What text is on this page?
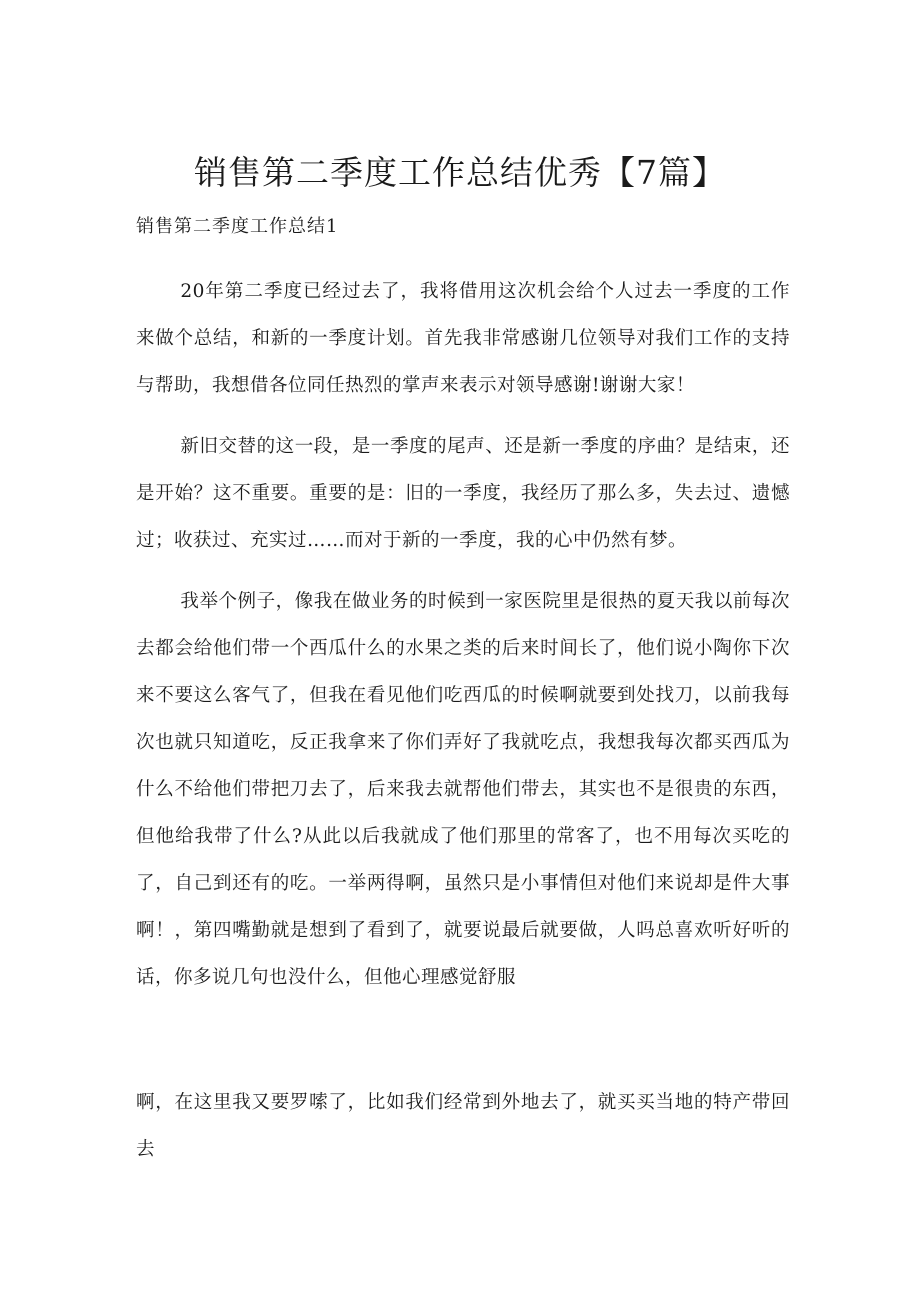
销售第二季度工作总结优秀【7篇】

销售第二季度工作总结1

20年第二季度已经过去了，我将借用这次机会给个人过去一季度的工作来做个总结，和新的一季度计划。首先我非常感谢几位领导对我们工作的支持与帮助，我想借各位同任热烈的掌声来表示对领导感谢!谢谢大家！

新旧交替的这一段，是一季度的尾声、还是新一季度的序曲？是结束，还是开始？这不重要。重要的是：旧的一季度，我经历了那么多，失去过、遗憾过；收获过、充实过……而对于新的一季度，我的心中仍然有梦。

我举个例子，像我在做业务的时候到一家医院里是很热的夏天我以前每次去都会给他们带一个西瓜什么的水果之类的后来时间长了，他们说小陶你下次来不要这么客气了，但我在看见他们吃西瓜的时候啊就要到处找刀，以前我每次也就只知道吃，反正我拿来了你们弄好了我就吃点，我想我每次都买西瓜为什么不给他们带把刀去了，后来我去就帮他们带去，其实也不是很贵的东西，但他给我带了什么?从此以后我就成了他们那里的常客了，也不用每次买吃的了，自己到还有的吃。一举两得啊，虽然只是小事情但对他们来说却是件大事啊！，第四嘴勤就是想到了看到了，就要说最后就要做，人吗总喜欢听好听的话，你多说几句也没什么，但他心理感觉舒服

啊，在这里我又要罗嗦了，比如我们经常到外地去了，就买买当地的特产带回去
